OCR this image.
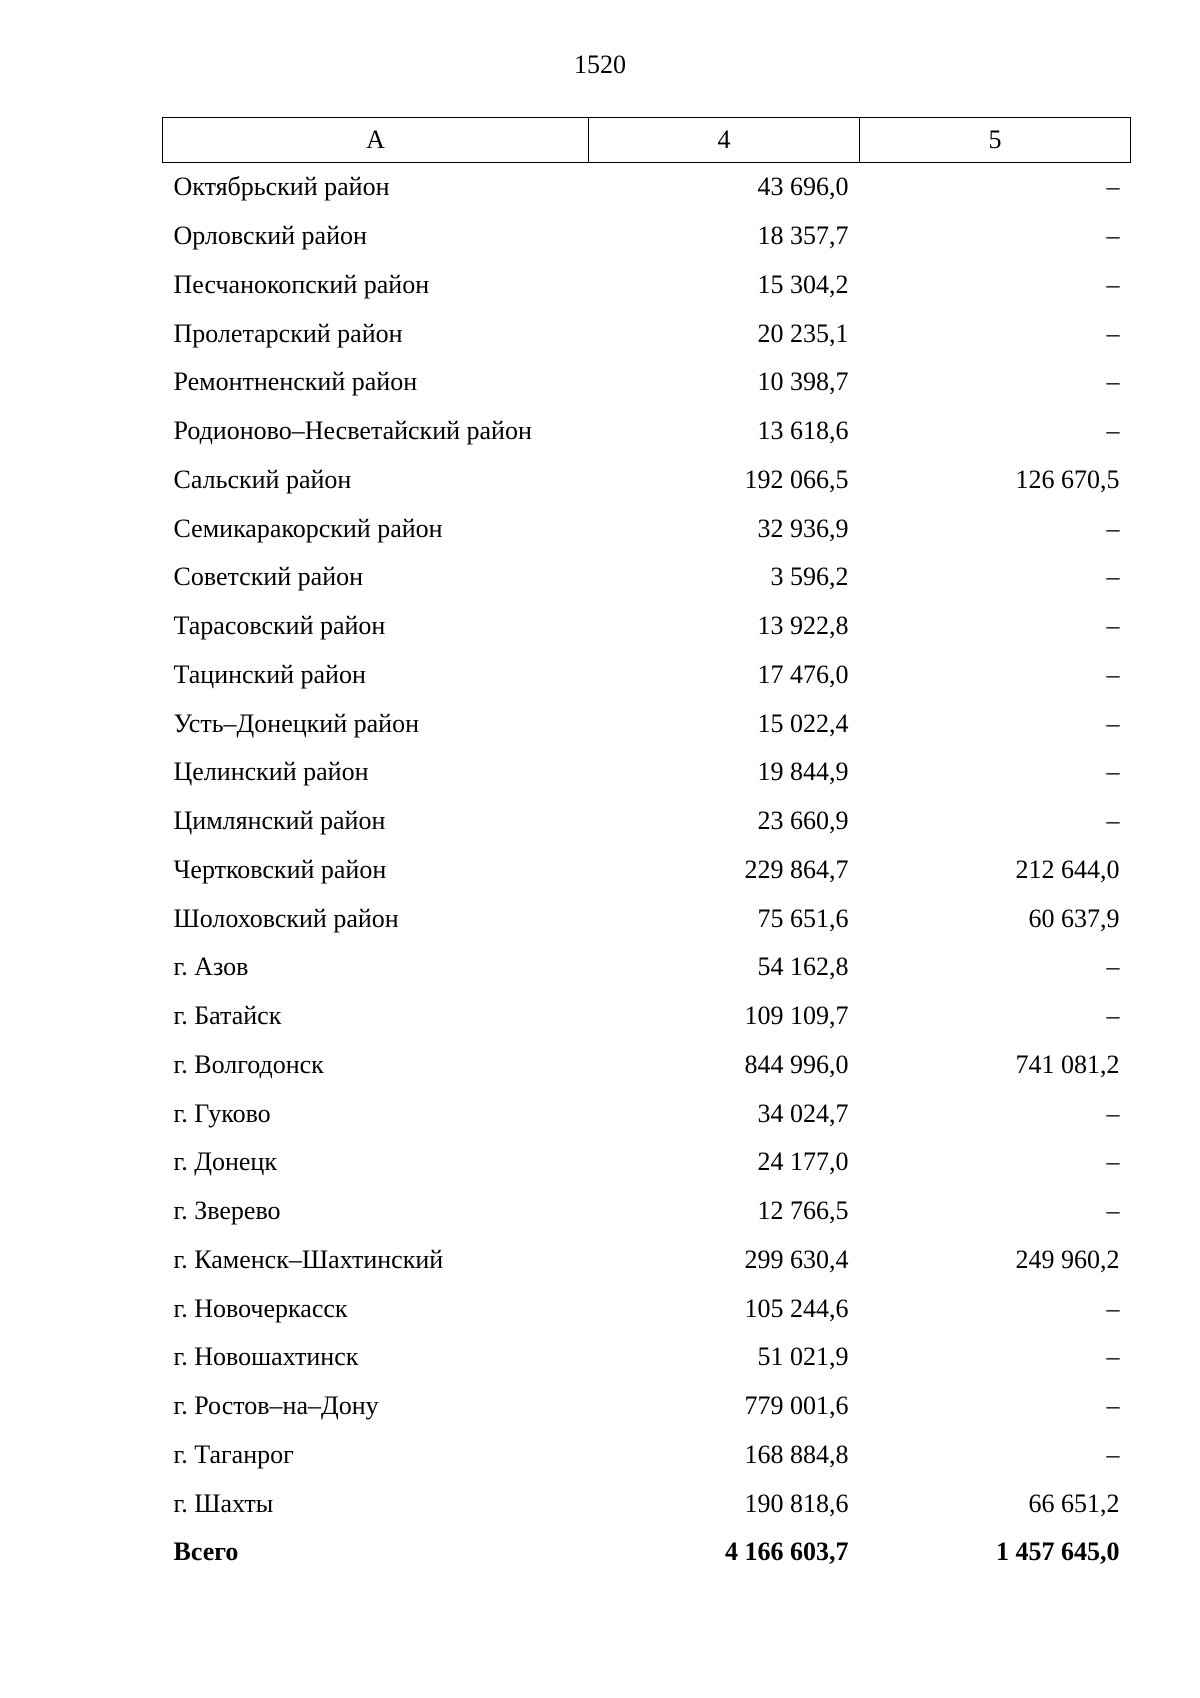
1520
А	4	5
Октябрьский район	43 696,0	–
Орловский район	18 357,7	–
Песчанокопский район	15 304,2	–
Пролетарский район	20 235,1	–
Ремонтненский район	10 398,7	–
Родионово–Несветайский район	13 618,6	–
Сальский район	192 066,5	126 670,5
Семикаракорский район	32 936,9	–
Советский район	3 596,2	–
Тарасовский район	13 922,8	–
Тацинский район	17 476,0	–
Усть–Донецкий район	15 022,4	–
Целинский район	19 844,9	–
Цимлянский район	23 660,9	–
Чертковский район	229 864,7	212 644,0
Шолоховский район	75 651,6	60 637,9
г. Азов	54 162,8	–
г. Батайск	109 109,7	–
г. Волгодонск	844 996,0	741 081,2
г. Гуково	34 024,7	–
г. Донецк	24 177,0	–
г. Зверево	12 766,5	–
г. Каменск–Шахтинский	299 630,4	249 960,2
г. Новочеркасск	105 244,6	–
г. Новошахтинск	51 021,9	–
г. Ростов–на–Дону	779 001,6	–
г. Таганрог	168 884,8	–
г. Шахты	190 818,6	66 651,2
Всего	4 166 603,7	1 457 645,0
